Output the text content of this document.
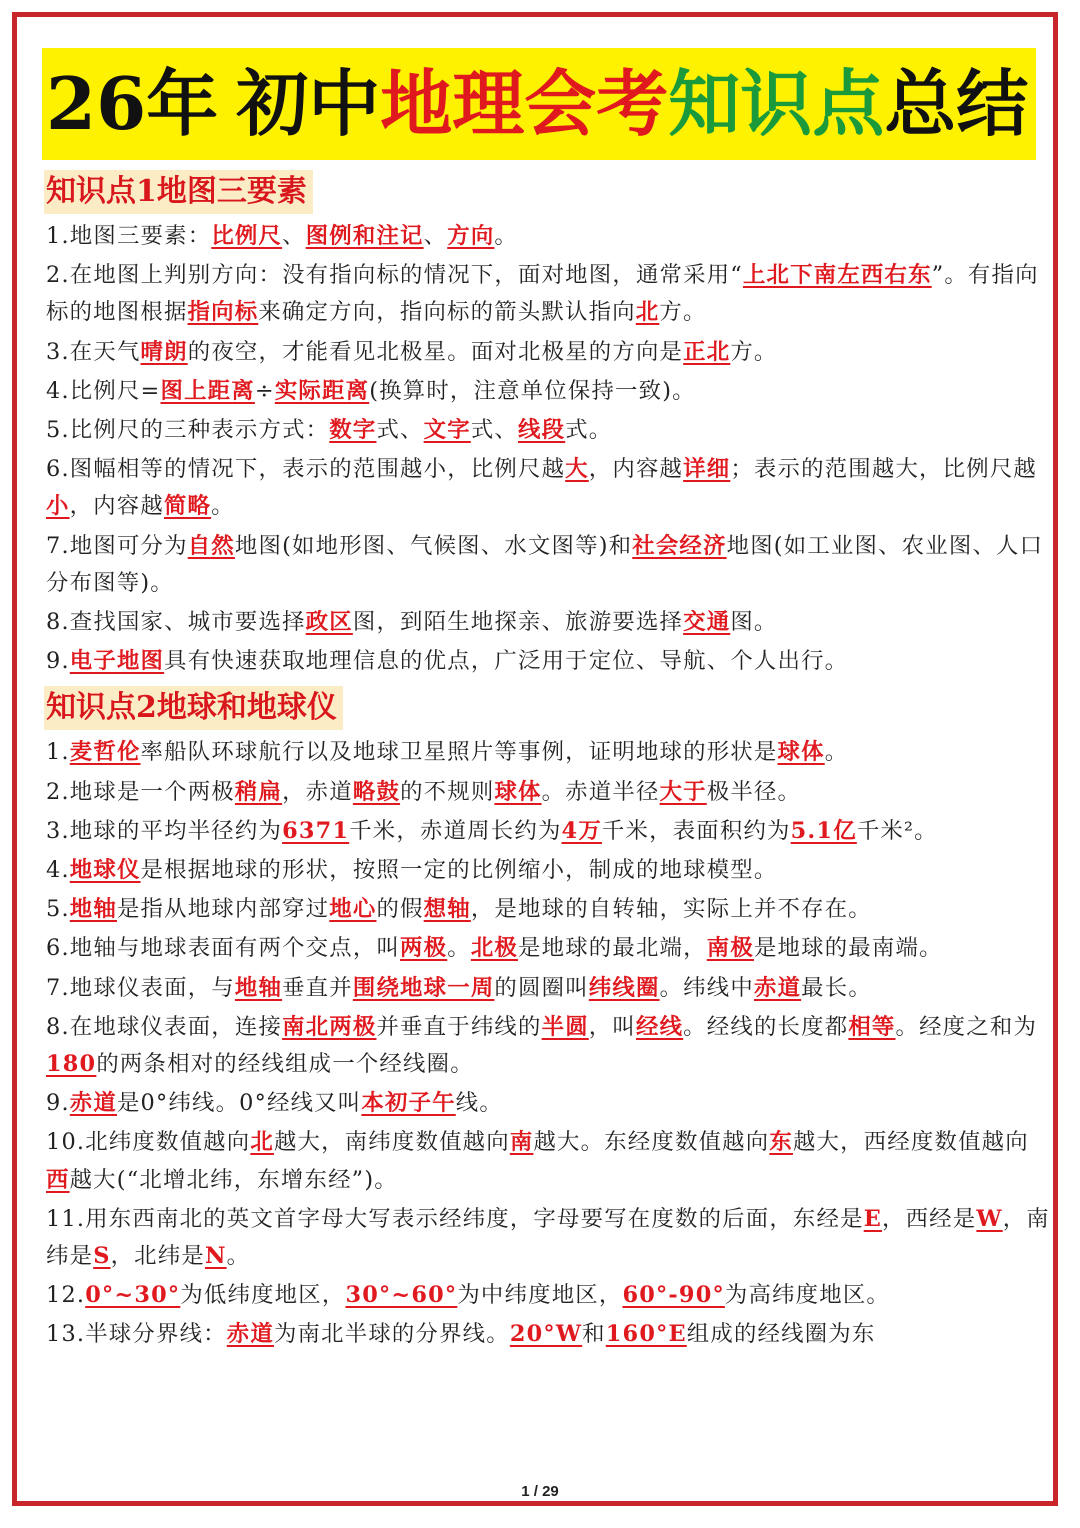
26年 初中 地理会考 知识点 总结
知识点1地图三要素
1.地图三要素：比例尺、图例和注记、方向。
2.在地图上判别方向：没有指向标的情况下，面对地图，通常采用“上北下南左西右东”。有指向标的地图根据指向标来确定方向，指向标的箭头默认指向北方。
3.在天气晴朗的夜空，才能看见北极星。面对北极星的方向是正北方。
4.比例尺=图上距离÷实际距离(换算时，注意单位保持一致)。
5.比例尺的三种表示方式：数字式、文字式、线段式。
6.图幅相等的情况下，表示的范围越小，比例尺越大，内容越详细；表示的范围越大，比例尺越小，内容越简略。
7.地图可分为自然地图(如地形图、气候图、水文图等)和社会经济地图(如工业图、农业图、人口分布图等)。
8.查找国家、城市要选择政区图，到陌生地探亲、旅游要选择交通图。
9.电子地图具有快速获取地理信息的优点，广泛用于定位、导航、个人出行。
知识点2地球和地球仪
1.麦哲伦率船队环球航行以及地球卫星照片等事例，证明地球的形状是球体。
2.地球是一个两极稍扁，赤道略鼓的不规则球体。赤道半径大于极半径。
3.地球的平均半径约为6371千米，赤道周长约为4万千米，表面积约为5.1亿千米²。
4.地球仪是根据地球的形状，按照一定的比例缩小，制成的地球模型。
5.地轴是指从地球内部穿过地心的假想轴，是地球的自转轴，实际上并不存在。
6.地轴与地球表面有两个交点，叫两极。北极是地球的最北端，南极是地球的最南端。
7.地球仪表面，与地轴垂直并围绕地球一周的圆圈叫纬线圈。纬线中赤道最长。
8.在地球仪表面，连接南北两极并垂直于纬线的半圆，叫经线。经线的长度都相等。经度之和为180的两条相对的经线组成一个经线圈。
9.赤道是0°纬线。0°经线又叫本初子午线。
10.北纬度数值越向北越大，南纬度数值越向南越大。东经度数值越向东越大，西经度数值越向西越大(“北增北纬，东增东经”)。
11.用东西南北的英文首字母大写表示经纬度，字母要写在度数的后面，东经是E，西经是W，南纬是S，北纬是N。
12.0°~30°为低纬度地区，30°~60°为中纬度地区，60°-90°为高纬度地区。
13.半球分界线：赤道为南北半球的分界线。20°W和160°E组成的经线圈为东
1 / 29
